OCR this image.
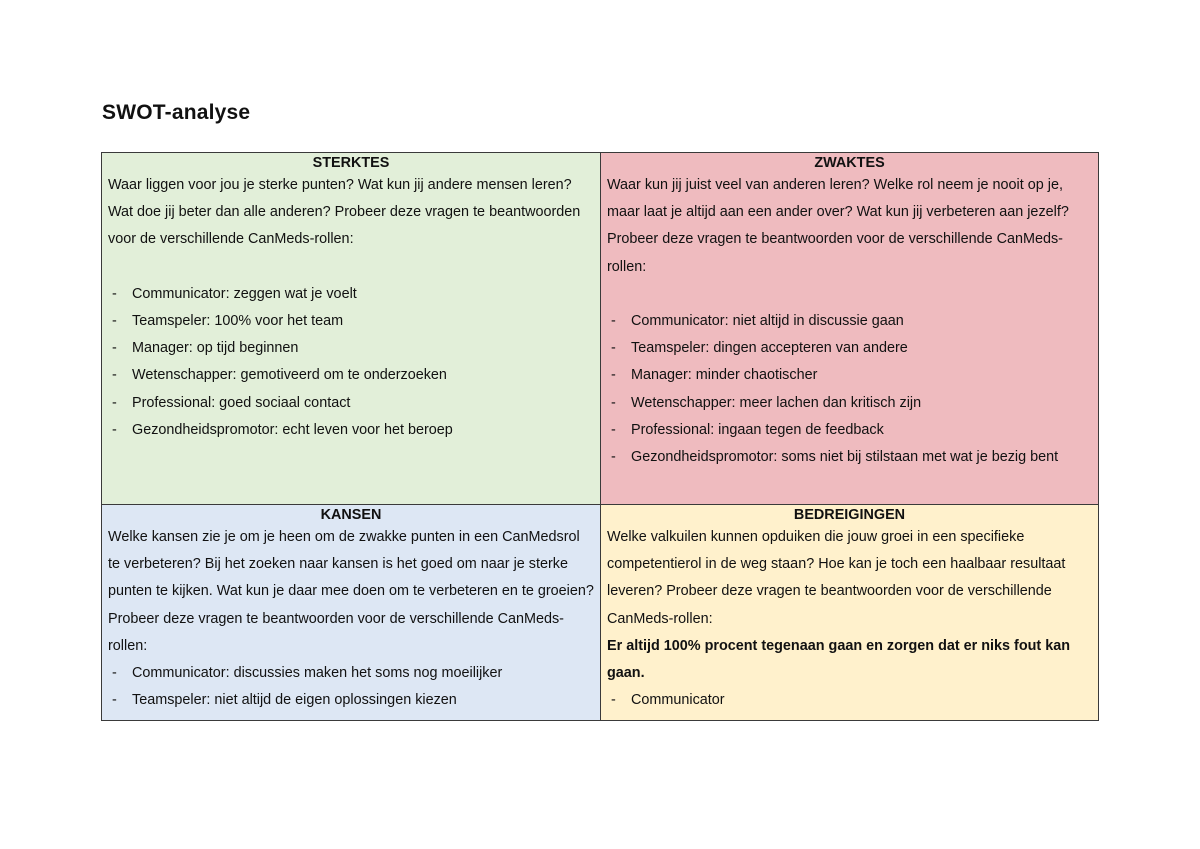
SWOT-analyse
STERKTES

Waar liggen voor jou je sterke punten? Wat kun jij andere mensen leren? Wat doe jij beter dan alle anderen? Probeer deze vragen te beantwoorden voor de verschillende CanMeds-rollen:

- Communicator: zeggen wat je voelt
- Teamspeler: 100% voor het team
- Manager: op tijd beginnen
- Wetenschapper: gemotiveerd om te onderzoeken
- Professional: goed sociaal contact
- Gezondheidspromotor: echt leven voor het beroep
ZWAKTES

Waar kun jij juist veel van anderen leren? Welke rol neem je nooit op je, maar laat je altijd aan een ander over? Wat kun jij verbeteren aan jezelf? Probeer deze vragen te beantwoorden voor de verschillende CanMeds-rollen:

- Communicator: niet altijd in discussie gaan
- Teamspeler: dingen accepteren van andere
- Manager: minder chaotischer
- Wetenschapper: meer lachen dan kritisch zijn
- Professional: ingaan tegen de feedback
- Gezondheidspromotor: soms niet bij stilstaan met wat je bezig bent
KANSEN

Welke kansen zie je om je heen om de zwakke punten in een CanMedsrol te verbeteren? Bij het zoeken naar kansen is het goed om naar je sterke punten te kijken. Wat kun je daar mee doen om te verbeteren en te groeien? Probeer deze vragen te beantwoorden voor de verschillende CanMeds-rollen:

- Communicator: discussies maken het soms nog moeilijker
- Teamspeler: niet altijd de eigen oplossingen kiezen
BEDREIGINGEN

Welke valkuilen kunnen opduiken die jouw groei in een specifieke competentierol in de weg staan? Hoe kan je toch een haalbaar resultaat leveren? Probeer deze vragen te beantwoorden voor de verschillende CanMeds-rollen:

Er altijd 100% procent tegenaan gaan en zorgen dat er niks fout kan gaan.

- Communicator
